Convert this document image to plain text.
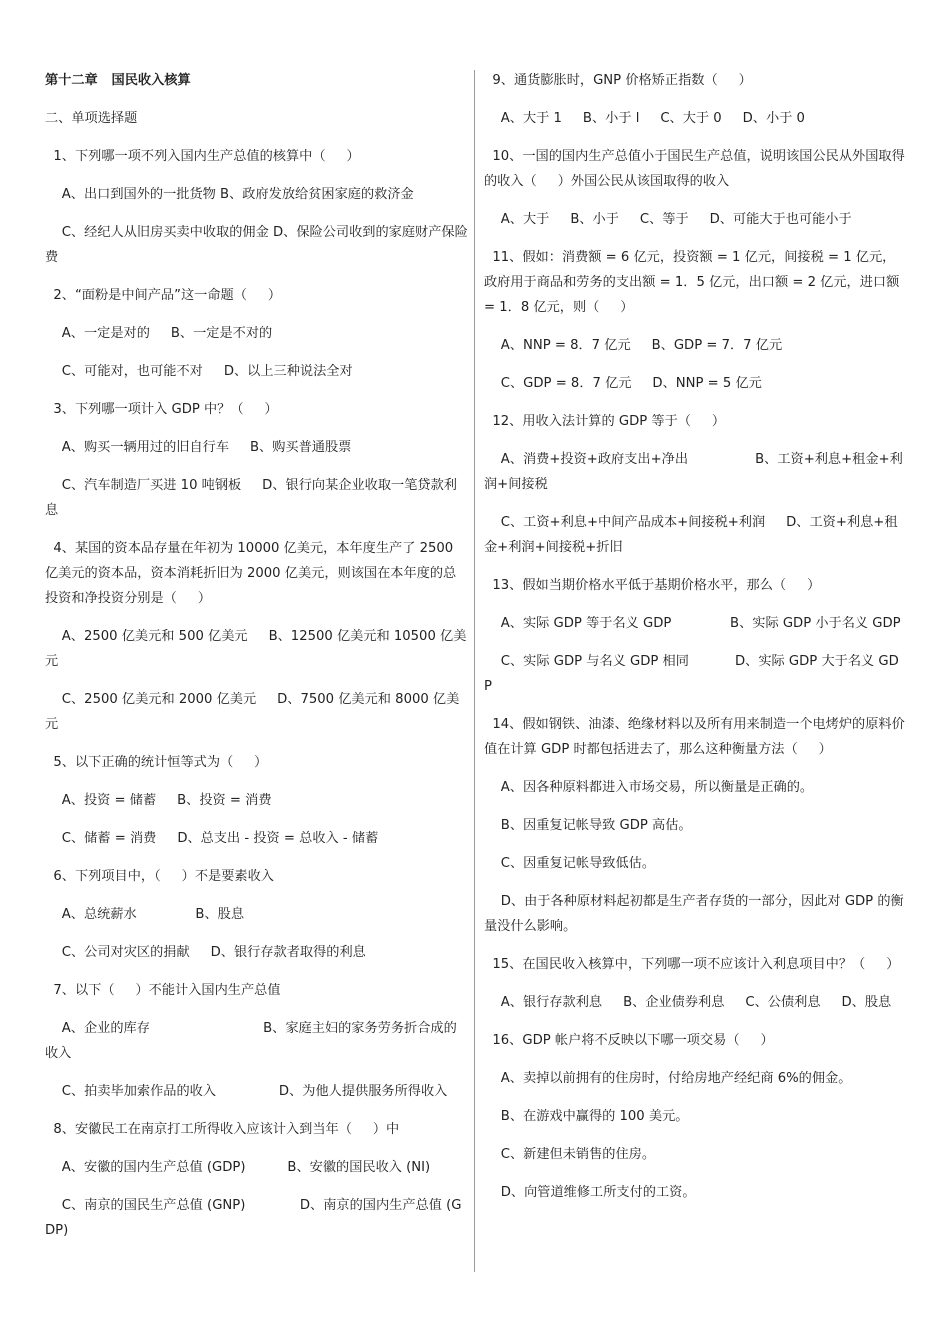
第十二章   国民收入核算

二、单项选择题

1、下列哪一项不列入国内生产总值的核算中（     ）

A、出口到国外的一批货物 B、政府发放给贫困家庭的救济金

C、经纪人从旧房买卖中收取的佣金 D、保险公司收到的家庭财产保险费

2、“面粉是中间产品”这一命题（     ）

A、一定是对的     B、一定是不对的

C、可能对，也可能不对     D、以上三种说法全对

3、下列哪一项计入 GDP 中？（     ）

A、购买一辆用过的旧自行车     B、购买普通股票

C、汽车制造厂买进 10 吨钢板     D、银行向某企业收取一笔贷款利息

4、某国的资本品存量在年初为 10000 亿美元，本年度生产了 2500 亿美元的资本品，资本消耗折旧为 2000 亿美元，则该国在本年度的总投资和净投资分别是（     ）

A、2500 亿美元和 500 亿美元     B、12500 亿美元和 10500 亿美元

C、2500 亿美元和 2000 亿美元     D、7500 亿美元和 8000 亿美元

5、以下正确的统计恒等式为（     ）

A、投资 = 储蓄     B、投资 = 消费

C、储蓄 = 消费     D、总支出 - 投资 = 总收入 - 储蓄

6、下列项目中，（     ）不是要素收入

A、总统薪水              B、股息

C、公司对灾区的捐献     D、银行存款者取得的利息

7、以下（     ）不能计入国内生产总值

A、企业的库存                           B、家庭主妇的家务劳务折合成的收入

C、拍卖毕加索作品的收入               D、为他人提供服务所得收入

8、安徽民工在南京打工所得收入应该计入到当年（     ）中

A、安徽的国内生产总值 (GDP)          B、安徽的国民收入 (NI)

C、南京的国民生产总值 (GNP)             D、南京的国内生产总值 (GDP)

9、通货膨胀时，GNP 价格矫正指数（     ）

A、大于 1     B、小于 l     C、大于 0     D、小于 0

10、一国的国内生产总值小于国民生产总值，说明该国公民从外国取得的收入（     ）外国公民从该国取得的收入

A、大于     B、小于     C、等于     D、可能大于也可能小于

11、假如：消费额 = 6 亿元，投资额 = 1 亿元，间接税 = 1 亿元，政府用于商品和劳务的支出额 = 1．5 亿元，出口额 = 2 亿元，进口额 = 1．8 亿元，则（     ）

A、NNP = 8．7 亿元     B、GDP = 7．7 亿元

C、GDP = 8．7 亿元     D、NNP = 5 亿元

12、用收入法计算的 GDP 等于（     ）

A、消费+投资+政府支出+净出                B、工资+利息+租金+利润+间接税

C、工资+利息+中间产品成本+间接税+利润     D、工资+利息+租金+利润+间接税+折旧

13、假如当期价格水平低于基期价格水平，那么（     ）

A、实际 GDP 等于名义 GDP              B、实际 GDP 小于名义 GDP

C、实际 GDP 与名义 GDP 相同           D、实际 GDP 大于名义 GDP

14、假如钢铁、油漆、绝缘材料以及所有用来制造一个电烤炉的原料价值在计算 GDP 时都包括进去了，那么这种衡量方法（     ）

A、因各种原料都进入市场交易，所以衡量是正确的。

B、因重复记帐导致 GDP 高估。

C、因重复记帐导致低估。

D、由于各种原材料起初都是生产者存货的一部分，因此对 GDP 的衡量没什么影响。

15、在国民收入核算中，下列哪一项不应该计入利息项目中？（     ）

A、银行存款利息     B、企业债券利息     C、公债利息     D、股息

16、GDP 帐户将不反映以下哪一项交易（     ）

A、卖掉以前拥有的住房时，付给房地产经纪商 6%的佣金。

B、在游戏中赢得的 100 美元。

C、新建但未销售的住房。

D、向管道维修工所支付的工资。
